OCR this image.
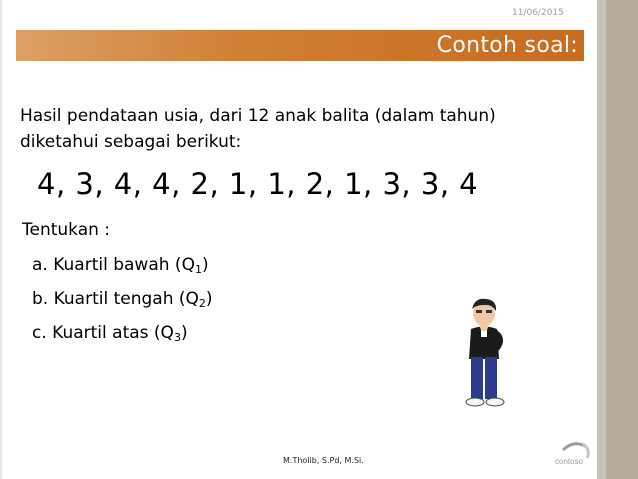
11/06/2015
Contoh soal:
Hasil pendataan usia, dari 12 anak balita (dalam tahun)
diketahui sebagai berikut:
4, 3, 4, 4, 2, 1, 1, 2, 1, 3, 3, 4
Tentukan :
a. Kuartil bawah $(Q_1)$
b. Kuartil tengah $(Q_2)$
c. Kuartil atas $(Q_3)$
M.Tholib, S.Pd, M.Si.	contoso
